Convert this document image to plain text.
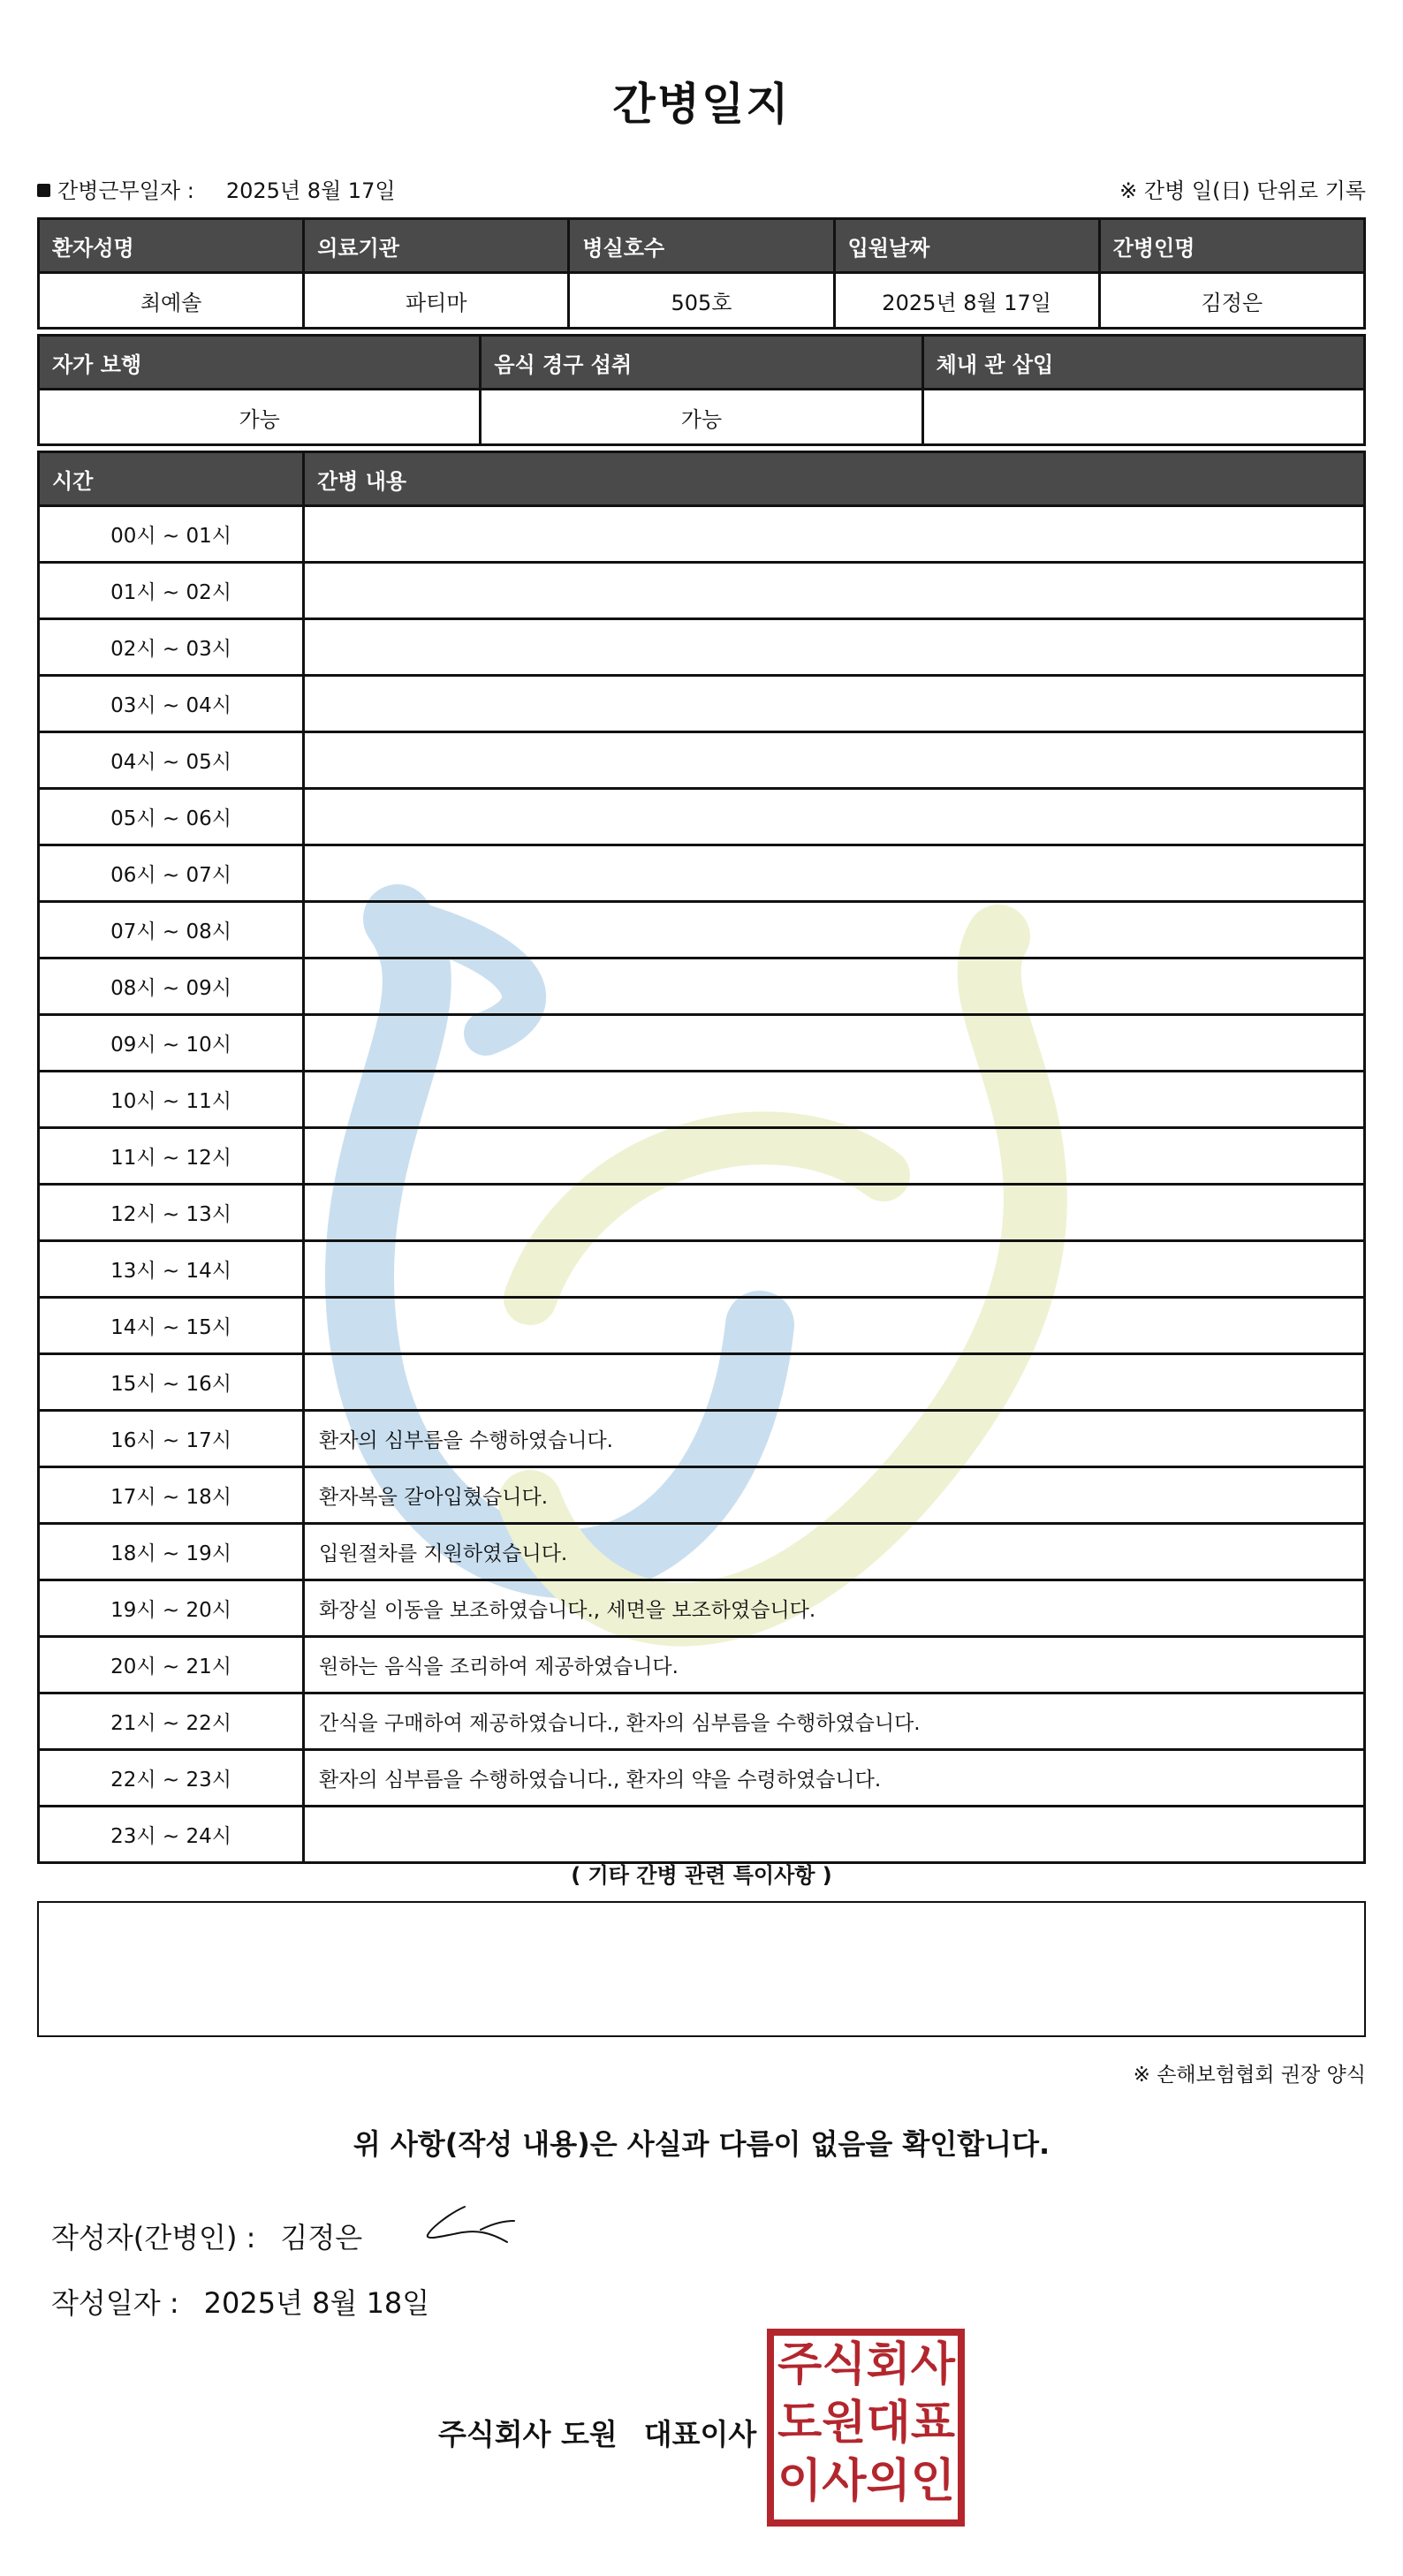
간병일지
간병근무일자 : 2025년 8월 17일	※ 간병 일(日) 단위로 기록
환자성명	의료기관	병실호수	입원날짜	간병인명
최예솔	파티마	505호	2025년 8월 17일	김정은
자가 보행	음식 경구 섭취	체내 관 삽입
가능	가능	
시간	간병 내용
00시 ~ 01시	
01시 ~ 02시	
02시 ~ 03시	
03시 ~ 04시	
04시 ~ 05시	
05시 ~ 06시	
06시 ~ 07시	
07시 ~ 08시	
08시 ~ 09시	
09시 ~ 10시	
10시 ~ 11시	
11시 ~ 12시	
12시 ~ 13시	
13시 ~ 14시	
14시 ~ 15시	
15시 ~ 16시	
16시 ~ 17시	환자의 심부름을 수행하였습니다.
17시 ~ 18시	환자복을 갈아입혔습니다.
18시 ~ 19시	입원절차를 지원하였습니다.
19시 ~ 20시	화장실 이동을 보조하였습니다., 세면을 보조하였습니다.
20시 ~ 21시	원하는 음식을 조리하여 제공하였습니다.
21시 ~ 22시	간식을 구매하여 제공하였습니다., 환자의 심부름을 수행하였습니다.
22시 ~ 23시	환자의 심부름을 수행하였습니다., 환자의 약을 수령하였습니다.
23시 ~ 24시	
( 기타 간병 관련 특이사항 )
※ 손해보험협회 권장 양식
위 사항(작성 내용)은 사실과 다름이 없음을 확인합니다.
작성자(간병인) : 김정은
작성일자 : 2025년 8월 18일
주식회사 도원 대표이사
주 식 회 사
도 원 대 표
이 사 의 인
